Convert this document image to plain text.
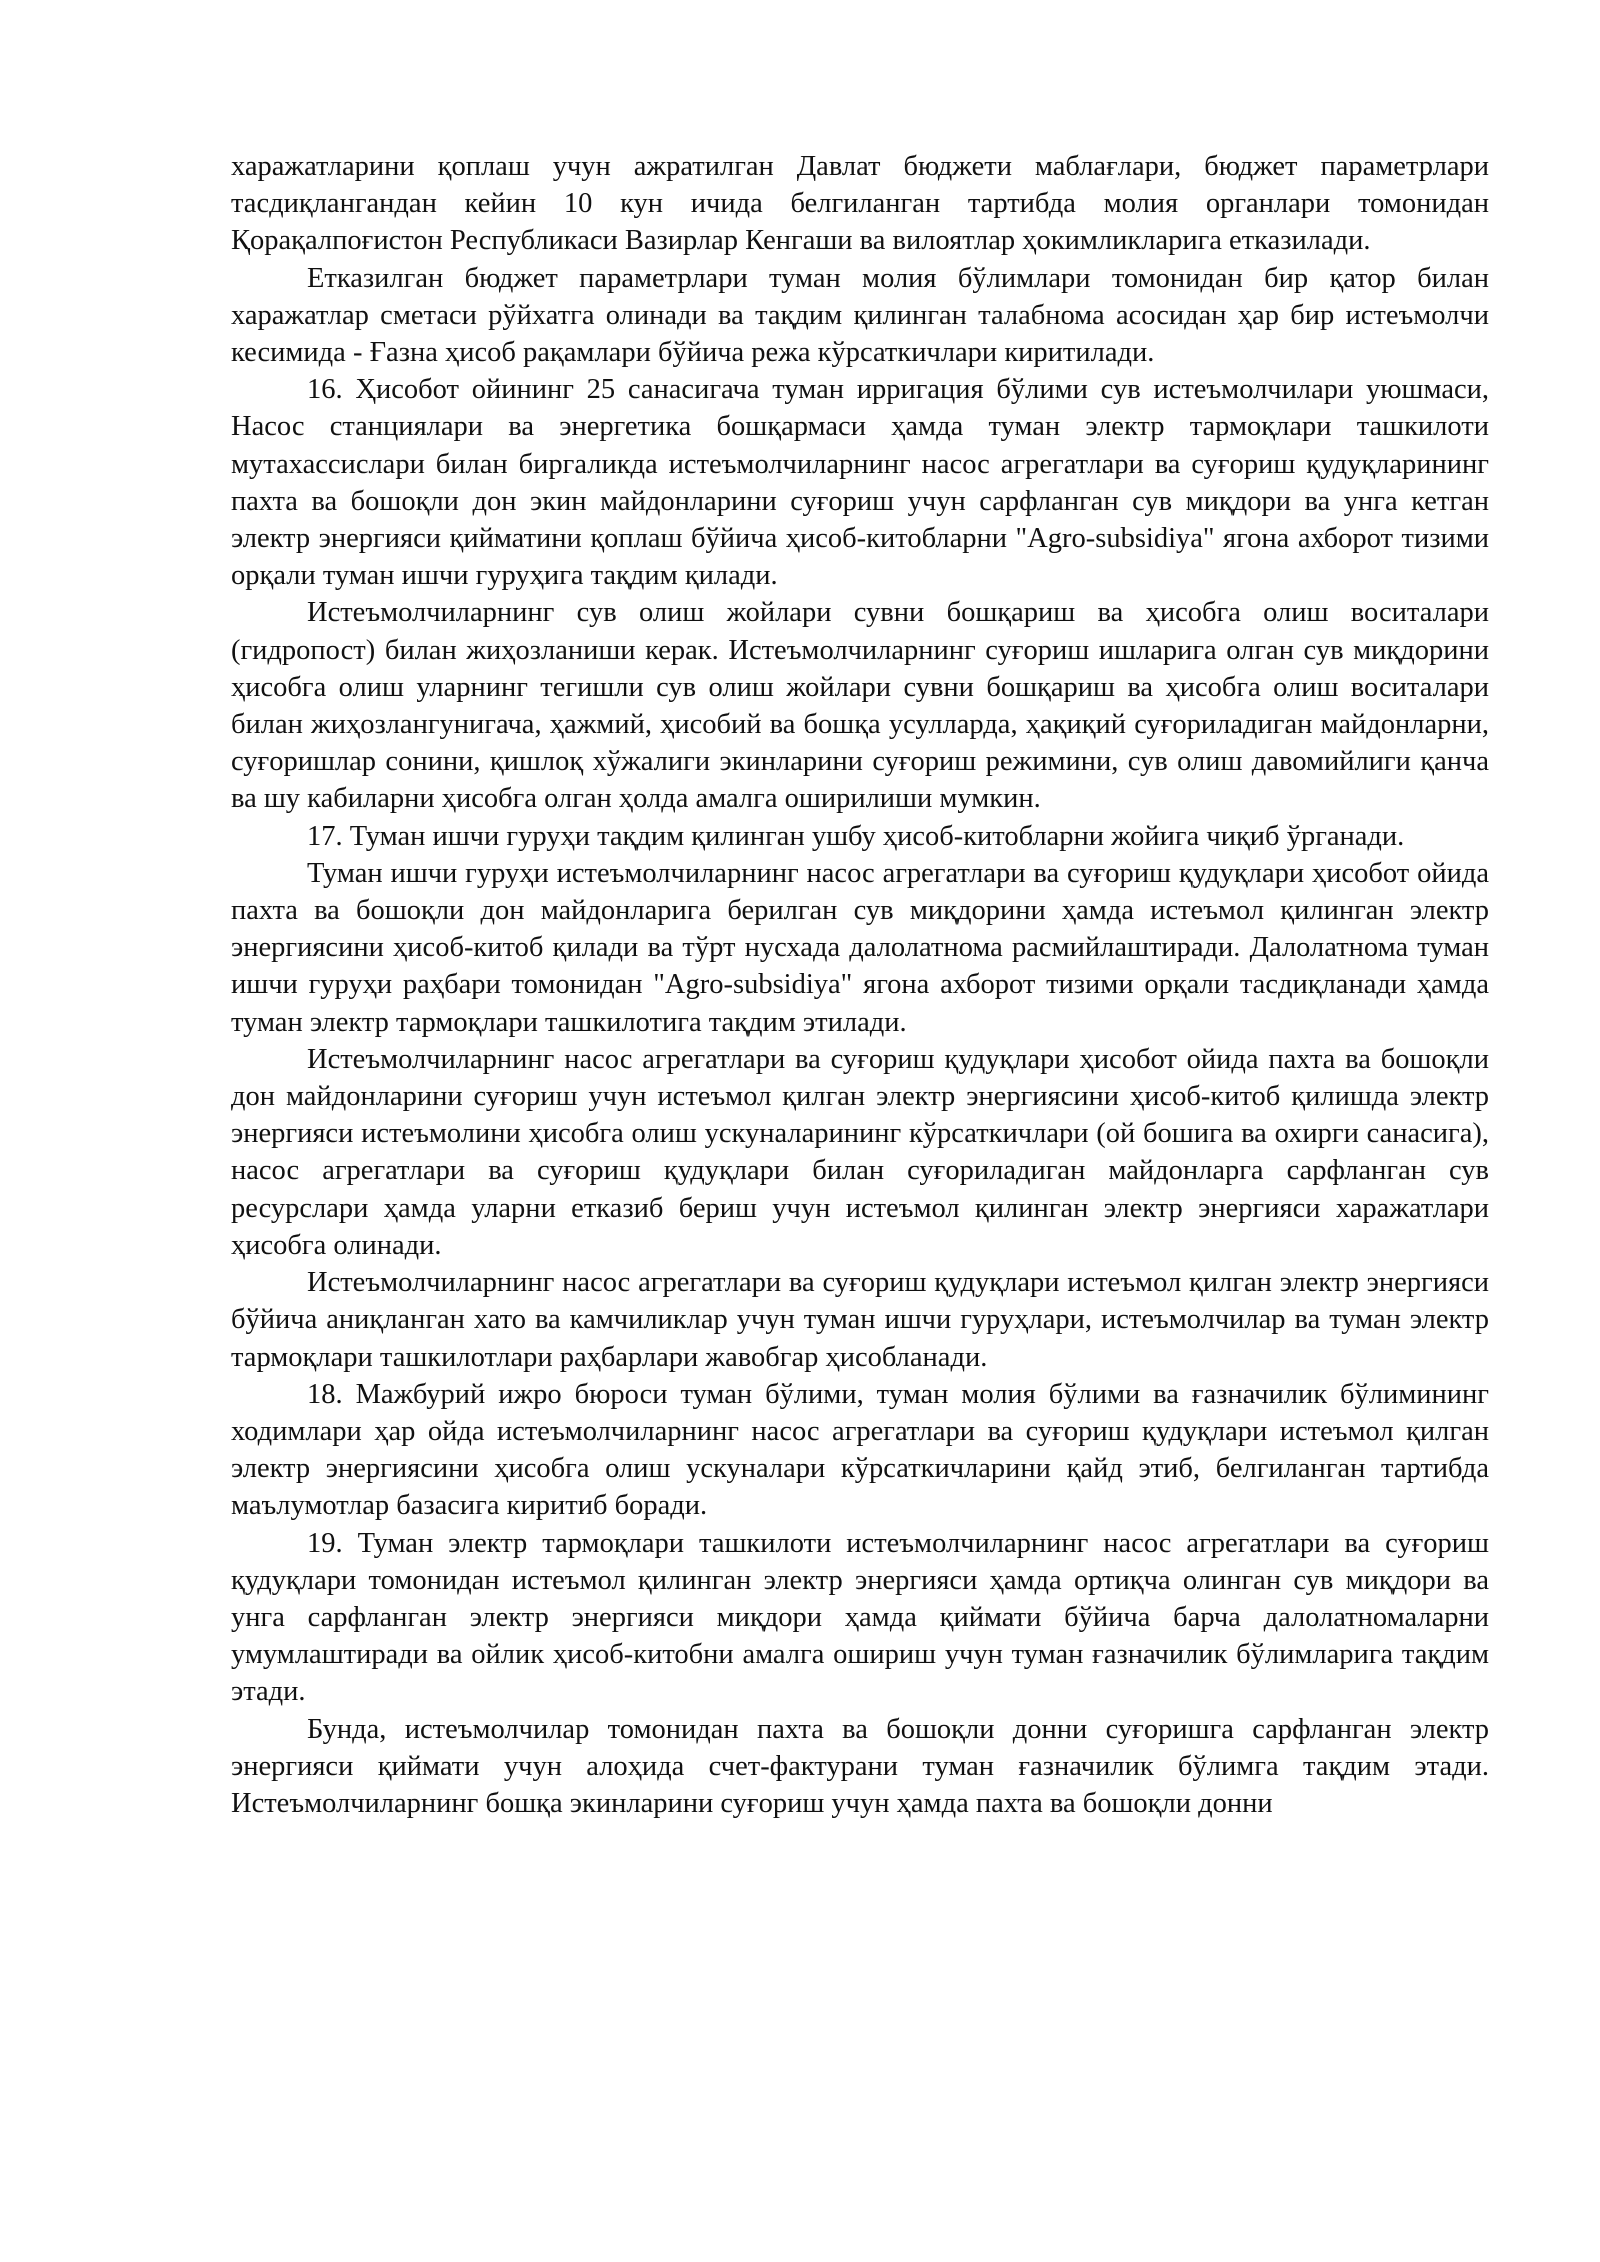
харажатларини қоплаш учун ажратилган Давлат бюджети маблағлари, бюджет параметрлари тасдиқлангандан кейин 10 кун ичида белгиланган тартибда молия органлари томонидан Қорақалпоғистон Республикаси Вазирлар Кенгаши ва вилоятлар ҳокимликларига етказилади.

Етказилган бюджет параметрлари туман молия бўлимлари томонидан бир қатор билан харажатлар сметаси рўйхатга олинади ва тақдим қилинган талабнома асосидан ҳар бир истеъмолчи кесимида - Ғазна ҳисоб рақамлари бўйича режа кўрсаткичлари киритилади.

16. Ҳисобот ойининг 25 санасигача туман ирригация бўлими сув истеъмолчилари уюшмаси, Насос станциялари ва энергетика бошқармаси ҳамда туман электр тармоқлари ташкилоти мутахассислари билан биргаликда истеъмолчиларнинг насос агрегатлари ва суғориш қудуқларининг пахта ва бошоқли дон экин майдонларини суғориш учун сарфланган сув миқдори ва унга кетган электр энергияси қийматини қоплаш бўйича ҳисоб-китобларни "Agro-subsidiya" ягона ахборот тизими орқали туман ишчи гуруҳига тақдим қилади.

Истеъмолчиларнинг сув олиш жойлари сувни бошқариш ва ҳисобга олиш воситалари (гидропост) билан жиҳозланиши керак. Истеъмолчиларнинг суғориш ишларига олган сув миқдорини ҳисобга олиш уларнинг тегишли сув олиш жойлари сувни бошқариш ва ҳисобга олиш воситалари билан жиҳозлангунигача, ҳажмий, ҳисобий ва бошқа усулларда, ҳақиқий суғориладиган майдонларни, суғоришлар сонини, қишлоқ хўжалиги экинларини суғориш режимини, сув олиш давомийлиги қанча ва шу кабиларни ҳисобга олган ҳолда амалга оширилиши мумкин.

17. Туман ишчи гуруҳи тақдим қилинган ушбу ҳисоб-китобларни жойига чиқиб ўрганади.

Туман ишчи гуруҳи истеъмолчиларнинг насос агрегатлари ва суғориш қудуқлари ҳисобот ойида пахта ва бошоқли дон майдонларига берилган сув миқдорини ҳамда истеъмол қилинган электр энергиясини ҳисоб-китоб қилади ва тўрт нусхада далолатнома расмийлаштиради. Далолатнома туман ишчи гуруҳи раҳбари томонидан "Agro-subsidiya" ягона ахборот тизими орқали тасдиқланади ҳамда туман электр тармоқлари ташкилотига тақдим этилади.

Истеъмолчиларнинг насос агрегатлари ва суғориш қудуқлари ҳисобот ойида пахта ва бошоқли дон майдонларини суғориш учун истеъмол қилган электр энергиясини ҳисоб-китоб қилишда электр энергияси истеъмолини ҳисобга олиш ускуналарининг кўрсаткичлари (ой бошига ва охирги санасига), насос агрегатлари ва суғориш қудуқлари билан суғориладиган майдонларга сарфланган сув ресурслари ҳамда уларни етказиб бериш учун истеъмол қилинган электр энергияси харажатлари ҳисобга олинади.

Истеъмолчиларнинг насос агрегатлари ва суғориш қудуқлари истеъмол қилган электр энергияси бўйича аниқланган хато ва камчиликлар учун туман ишчи гуруҳлари, истеъмолчилар ва туман электр тармоқлари ташкилотлари раҳбарлари жавобгар ҳисобланади.

18. Мажбурий ижро бюроси туман бўлими, туман молия бўлими ва ғазначилик бўлимининг ходимлари ҳар ойда истеъмолчиларнинг насос агрегатлари ва суғориш қудуқлари истеъмол қилган электр энергиясини ҳисобга олиш ускуналари кўрсаткичларини қайд этиб, белгиланган тартибда маълумотлар базасига киритиб боради.

19. Туман электр тармоқлари ташкилоти истеъмолчиларнинг насос агрегатлари ва суғориш қудуқлари томонидан истеъмол қилинган электр энергияси ҳамда ортиқча олинган сув миқдори ва унга сарфланган электр энергияси миқдори ҳамда қиймати бўйича барча далолатномаларни умумлаштиради ва ойлик ҳисоб-китобни амалга ошириш учун туман ғазначилик бўлимларига тақдим этади.

Бунда, истеъмолчилар томонидан пахта ва бошоқли донни суғоришга сарфланган электр энергияси қиймати учун алоҳида счет-фактурани туман ғазначилик бўлимга тақдим этади. Истеъмолчиларнинг бошқа экинларини суғориш учун ҳамда пахта ва бошоқли донни
